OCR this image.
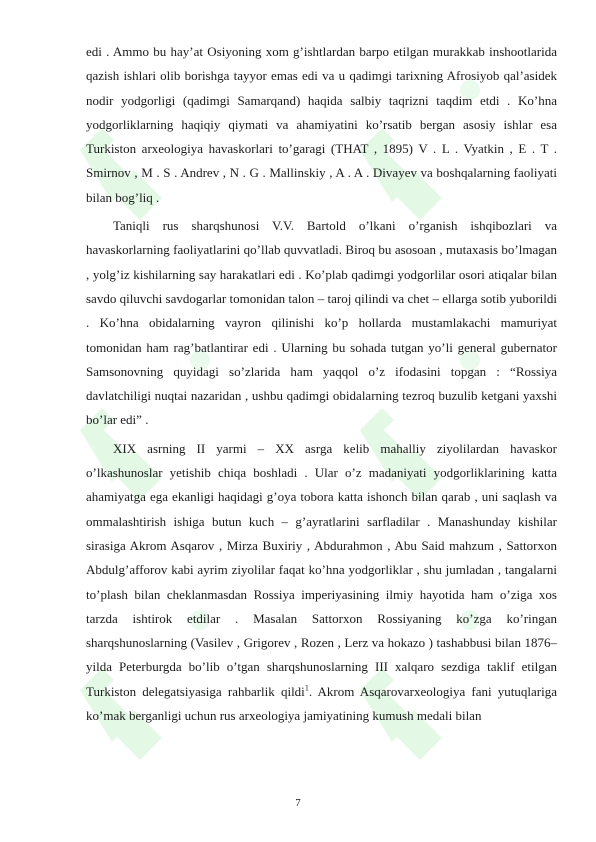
edi . Ammo bu hay’at Osiyoning xom g’ishtlardan barpo etilgan murakkab inshootlarida qazish ishlari olib borishga tayyor emas edi va u qadimgi tarixning Afrosiyob qal’asidek nodir yodgorligi (qadimgi Samarqand) haqida salbiy taqrizni taqdim etdi . Ko’hna yodgorliklarning haqiqiy qiymati va ahamiyatini ko’rsatib bergan asosiy ishlar esa Turkiston arxeologiya havaskorlari to’garagi (THAT , 1895) V . L . Vyatkin , E . T . Smirnov , M . S . Andrev , N . G . Mallinskiy , A . A . Divayev va boshqalarning faoliyati bilan bog’liq .

Taniqli rus sharqshunosi V.V. Bartold o’lkani o’rganish ishqibozlari va havaskorlarning faoliyatlarini qo’llab quvvatladi. Biroq bu asosoan , mutaxasis bo’lmagan , yolg’iz kishilarning say harakatlari edi . Ko’plab qadimgi yodgorlilar osori atiqalar bilan savdo qiluvchi savdogarlar tomonidan talon – taroj qilindi va chet – ellarga sotib yuborildi . Ko’hna obidalarning vayron qilinishi ko’p hollarda mustamlakachi mamuriyat tomonidan ham rag’batlantirar edi . Ularning bu sohada tutgan yo’li general gubernator Samsonovning quyidagi so’zlarida ham yaqqol o’z ifodasini topgan : “Rossiya davlatchiligi nuqtai nazaridan , ushbu qadimgi obidalarning tezroq buzulib ketgani yaxshi bo’lar edi” .

XIX asrning II yarmi – XX asrga kelib mahalliy ziyolilardan havaskor o’lkashunoslar yetishib chiqa boshladi . Ular o’z madaniyati yodgorliklarining katta ahamiyatga ega ekanligi haqidagi g’oya tobora katta ishonch bilan qarab , uni saqlash va ommalashtirish ishiga butun kuch – g’ayratlarini sarfladilar . Manashunday kishilar sirasiga Akrom Asqarov , Mirza Buxiriy , Abdurahmon , Abu Said mahzum , Sattorxon Abdulg’afforov kabi ayrim ziyolilar faqat ko’hna yodgorliklar , shu jumladan , tangalarni to’plash bilan cheklanmasdan Rossiya imperiyasining ilmiy hayotida ham o’ziga xos tarzda ishtirok etdilar . Masalan Sattorxon Rossiyaning ko’zga ko’ringan sharqshunoslarning (Vasilev , Grigorev , Rozen , Lerz va hokazo ) tashabbusi bilan 1876–yilda Peterburgda bo’lib o’tgan sharqshunoslarning III xalqaro sezdiga taklif etilgan Turkiston delegatsiyasiga rahbarlik qildi$^1$. Akrom Asqarovarxeologiya fani yutuqlariga ko’mak berganligi uchun rus arxeologiya jamiyatining kumush medali bilan

7
